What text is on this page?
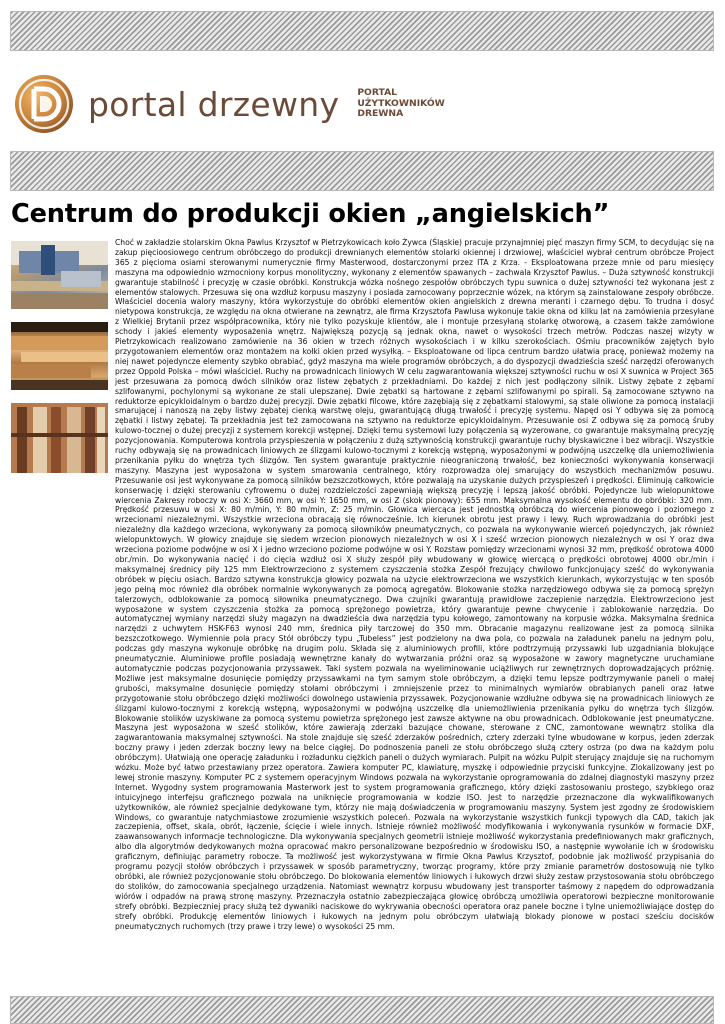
portal drzewny PORTAL
UŻYTKOWNIKÓW
DREWNA
Centrum do produkcji okien „angielskich”

Choć w zakładzie stolarskim Okna Pawlus Krzysztof w Pietrzykowicach koło Żywca (Śląskie) pracuje przynajmniej pięć maszyn firmy SCM, to decydując się na zakup pięcioosiowego centrum obróbczego do produkcji drewnianych elementów stolarki okiennej i drzwiowej, właściciel wybrał centrum obróbcze Project 365 z pięcioma osiami sterowanymi numerycznie firmy Masterwood, dostarczonymi przez ITA z Krza. - Eksploatowana przeze mnie od paru miesięcy maszyna ma odpowiednio wzmocniony korpus monolityczny, wykonany z elementów spawanych – zachwala Krzysztof Pawlus. – Duża sztywność konstrukcji gwarantuje stabilność i precyzję w czasie obróbki. Konstrukcja wózka nośnego zespołów obróbczych typu suwnica o dużej sztywności też wykonana jest z elementów stalowych. Przesuwa się ona wzdłuż korpusu maszyny i posiada zamocowany poprzecznie wózek, na którym są zainstalowane zespoły obróbcze. Właściciel docenia walory maszyny, która wykorzystuje do obróbki elementów okien angielskich z drewna meranti i czarnego dębu. To trudna i dosyć nietypowa konstrukcja, ze względu na okna otwierane na zewnątrz, ale firma Krzysztofa Pawlusa wykonuje takie okna od kilku lat na zamówienia przesyłane z Wielkiej Brytanii przez współpracownika, który nie tylko pozyskuje klientów, ale i montuje przesyłaną stolarkę otworową, a czasem także zamówione schody i jakieś elementy wyposażenia wnętrz. Największą pozycją są jednak okna, nawet o wysokości trzech metrów. Podczas naszej wizyty w Pietrzykowicach realizowano zamówienie na 36 okien w trzech różnych wysokościach i w kilku szerokościach. Ośmiu pracowników zajętych było przygotowaniem elementów oraz montażem na kołki okien przed wysyłką. – Eksploatowane od lipca centrum bardzo ułatwia pracę, ponieważ możemy na niej nawet pojedyncze elementy szybko obrabiać, gdyż maszyna ma wiele programów obróbczych, a do dyspozycji dwadzieścia sześć narzędzi oferowanych przez Oppold Polska – mówi właściciel. Ruchy na prowadnicach liniowych W celu zagwarantowania większej sztywności ruchu w osi X suwnica w Project 365 jest przesuwana za pomocą dwóch silników oraz listew zębatych z przekładniami. Do każdej z nich jest podłączony silnik. Listwy zębate z zębami szlifowanymi, pochylonymi są wykonane ze stali ulepszanej. Dwie zębatki są hartowane z zębami szlifowanymi po spirali. Są zamocowane sztywno na reduktorze epicykloidalnym o bardzo dużej precyzji. Dwie zębatki filcowe, które zazębiają się z zębatkami stalowymi, są stale oliwione za pomocą instalacji smarującej i nanoszą na zęby listwy zębatej cienką warstwę oleju, gwarantującą długą trwałość i precyzję systemu. Napęd osi Y odbywa się za pomocą zębatki i listwy zębatej. Ta przekładnia jest też zamocowana na sztywno na reduktorze epicykloidalnym. Przesuwanie osi Z odbywa się za pomocą śruby kulowo-tocznej o dużej precyzji z systemem korekcji wstępnej. Dzięki temu systemowi luzy połączenia są wyzerowane, co gwarantuje maksymalną precyzję pozycjonowania. Komputerowa kontrola przyspieszenia w połączeniu z dużą sztywnością konstrukcji gwarantuje ruchy błyskawiczne i bez wibracji. Wszystkie ruchy odbywają się na prowadnicach liniowych ze ślizgami kulowo-tocznymi z korekcją wstępną, wyposażonymi w podwójną uszczelkę dla uniemożliwienia przenikania pyłku do wnętrza tych ślizgów. Ten system gwarantuje praktycznie nieograniczoną trwałość, bez konieczności wykonywania konserwacji maszyny. Maszyna jest wyposażona w system smarowania centralnego, który rozprowadza olej smarujący do wszystkich mechanizmów posuwu. Przesuwanie osi jest wykonywane za pomocą silników bezszczotkowych, które pozwalają na uzyskanie dużych przyspieszeń i prędkości. Eliminują całkowicie konserwację i dzięki sterowaniu cyfrowemu o dużej rozdzielczości zapewniają większą precyzję i lepszą jakość obróbki. Pojedyncze lub wielopunktowe wiercenia Zakresy roboczy w osi X: 3660 mm, w osi Y: 1650 mm, w osi Z (skok pionowy): 655 mm. Maksymalna wysokość elementu do obróbki: 320 mm. Prędkość przesuwu w osi X: 80 m/min, Y: 80 m/min, Z: 25 m/min. Głowica wiercąca jest jednostką obróbczą do wiercenia pionowego i poziomego z wrzecionami niezależnymi. Wszystkie wrzeciona obracają się równocześnie. Ich kierunek obrotu jest prawy i lewy. Ruch wprowadzania do obróbki jest niezależny dla każdego wrzeciona, wykonywany za pomocą siłowników pneumatycznych, co pozwala na wykonywanie wierceń pojedynczych, jak również wielopunktowych. W głowicy znajduje się siedem wrzecion pionowych niezależnych w osi X i sześć wrzecion pionowych niezależnych w osi Y oraz dwa wrzeciona poziome podwójne w osi X i jedno wrzeciono poziome podwójne w osi Y. Rozstaw pomiędzy wrzecionami wynosi 32 mm, prędkość obrotowa 4000 obr./min. Do wykonywania nacięć i do cięcia wzdłuż osi X służy zespół piły wbudowany w głowicę wiercącą o prędkości obrotowej 4000 obr./min i maksymalnej średnicy piły 125 mm Elektrowrzeciono z systemem czyszczenia stożka Zespół frezujący chwilowo funkcjonujący sześć do wykonywania obróbek w pięciu osiach. Bardzo sztywna konstrukcja głowicy pozwala na użycie elektrowrzeciona we wszystkich kierunkach, wykorzystując w ten sposób jego pełną moc również dla obróbek normalnie wykonywanych za pomocą agregatów. Blokowanie stożka narzędziowego odbywa się za pomocą sprężyn talerzowych, odblokowanie za pomocą siłownika pneumatycznego. Dwa czujniki gwarantują prawidłowe zaczepienie narzędzia. Elektrowrzeciono jest wyposażone w system czyszczenia stożka za pomocą sprężonego powietrza, który gwarantuje pewne chwycenie i zablokowanie narzędzia. Do automatycznej wymiany narzędzi służy magazyn na dwadzieścia dwa narzędzia typu kołowego, zamontowany na korpusie wózka. Maksymalna średnica narzędzi z uchwytem HSK-F63 wynosi 240 mm, średnica piły tarczowej do 350 mm. Obracanie magazynu realizowane jest za pomocą silnika bezszczotkowego. Wymiennie pola pracy Stół obróbczy typu „Tubeless” jest podzielony na dwa pola, co pozwala na załadunek panelu na jednym polu, podczas gdy maszyna wykonuje obróbkę na drugim polu. Składa się z aluminiowych profili, które podtrzymują przyssawki lub uzgadniania blokujące pneumatycznie. Aluminiowe profile posiadają wewnętrzne kanały do wytwarzania próżni oraz są wyposażone w zawory magnetyczne uruchamiane automatycznie podczas pozycjonowania przyssawek. Taki system pozwala na wyeliminowanie uciążliwych rur zewnętrznych doprowadzających próżnię. Możliwe jest maksymalne dosunięcie pomiędzy przyssawkami na tym samym stole obróbczym, a dzięki temu lepsze podtrzymywanie paneli o małej grubości, maksymalne dosunięcie pomiędzy stołami obróbczymi i zmniejszenie przez to minimalnych wymiarów obrabianych paneli oraz łatwe przygotowanie stołu obróbczego dzięki możliwości dowolnego ustawienia przyssawek. Pozycjonowanie wzdłużne odbywa się na prowadnicach liniowych ze ślizgami kulowo-tocznymi z korekcją wstępną, wyposażonymi w podwójną uszczelkę dla uniemożliwienia przenikania pyłku do wnętrza tych ślizgów. Blokowanie stolików uzyskiwane za pomocą systemu powietrza sprężonego jest zawsze aktywne na obu prowadnicach. Odblokowanie jest pneumatyczne. Maszyna jest wyposażona w sześć stolików, które zawierają zderzaki bazujące chowane, sterowane z CNC, zamontowane wewnątrz stolika dla zagwarantowania maksymalnej sztywności. Na stole znajduje się sześć zderzaków pośrednich, cztery zderzaki tylne wbudowane w korpus, jeden zderzak boczny prawy i jeden zderzak boczny lewy na belce ciągłej. Do podnoszenia paneli ze stołu obróbczego służą cztery ostrza (po dwa na każdym polu obróbczym). Ułatwiają one operację załadunku i rozładunku ciężkich paneli o dużych wymiarach. Pulpit na wózku Pulpit sterujący znajduje się na ruchomym wózku. Może być łatwo przestawiany przez operatora. Zawiera komputer PC, klawiaturę, myszkę i odpowiednie przyciski funkcyjne. Zlokalizowany jest po lewej stronie maszyny. Komputer PC z systemem operacyjnym Windows pozwala na wykorzystanie oprogramowania do zdalnej diagnostyki maszyny przez Internet. Wygodny system programowania Masterwork jest to system programowania graficznego, który dzięki zastosowaniu prostego, szybkiego oraz intuicyjnego interfejsu graficznego pozwala na uniknięcie programowania w kodzie ISO. Jest to narzędzie przeznaczone dla wykwalifikowanych użytkowników, ale również specjalnie dedykowane tym, którzy nie mają doświadczenia w programowaniu maszyny. System jest zgodny ze środowiskiem Windows, co gwarantuje natychmiastowe zrozumienie wszystkich poleceń. Pozwala na wykorzystanie wszystkich funkcji typowych dla CAD, takich jak zaczepienia, offset, skala, obrót, łączenie, ścięcie i wiele innych. Istnieje również możliwość modyfikowania i wykonywania rysunków w formacie DXF, zaawansowanych informacje technologiczne. Dla wykonywania specjalnych geometrii istnieje możliwość wykorzystania predefiniowanych makr graficznych, albo dla algorytmów dedykowanych można opracować makro personalizowane bezpośrednio w środowisku ISO, a następnie wywołanie ich w środowisku graficznym, definiując parametry robocze. Ta możliwość jest wykorzystywana w firmie Okna Pawlus Krzysztof, podobnie jak możliwość przypisania do programu pozycji stołów obróbczych i przyssawek w sposób parametryczny, tworząc programy, które przy zmianie parametrów dostosowują nie tylko obróbki, ale również pozycjonowanie stołu obróbczego. Do blokowania elementów liniowych i łukowych drzwi służy zestaw przystosowania stołu obróbczego do stolików, do zamocowania specjalnego urządzenia. Natomiast wewnątrz korpusu wbudowany jest transporter taśmowy z napędem do odprowadzania wiórów i odpadów na prawą stronę maszyny. Przeznaczyła ostatnio zabezpieczająca głowicę obróbczą umożliwia operatorowi bezpieczne monitorowanie strefy obróbki. Bezpieczniej pracy służą też dywaniki naciskowe do wykrywania obecności operatora oraz panele boczne i tylne uniemożliwiające dostęp do strefy obróbki. Produkcję elementów liniowych i łukowych na jednym polu obróbczym ułatwiają blokady pionowe w postaci sześciu docisków pneumatycznych ruchomych (trzy prawe i trzy lewe) o wysokości 25 mm.
